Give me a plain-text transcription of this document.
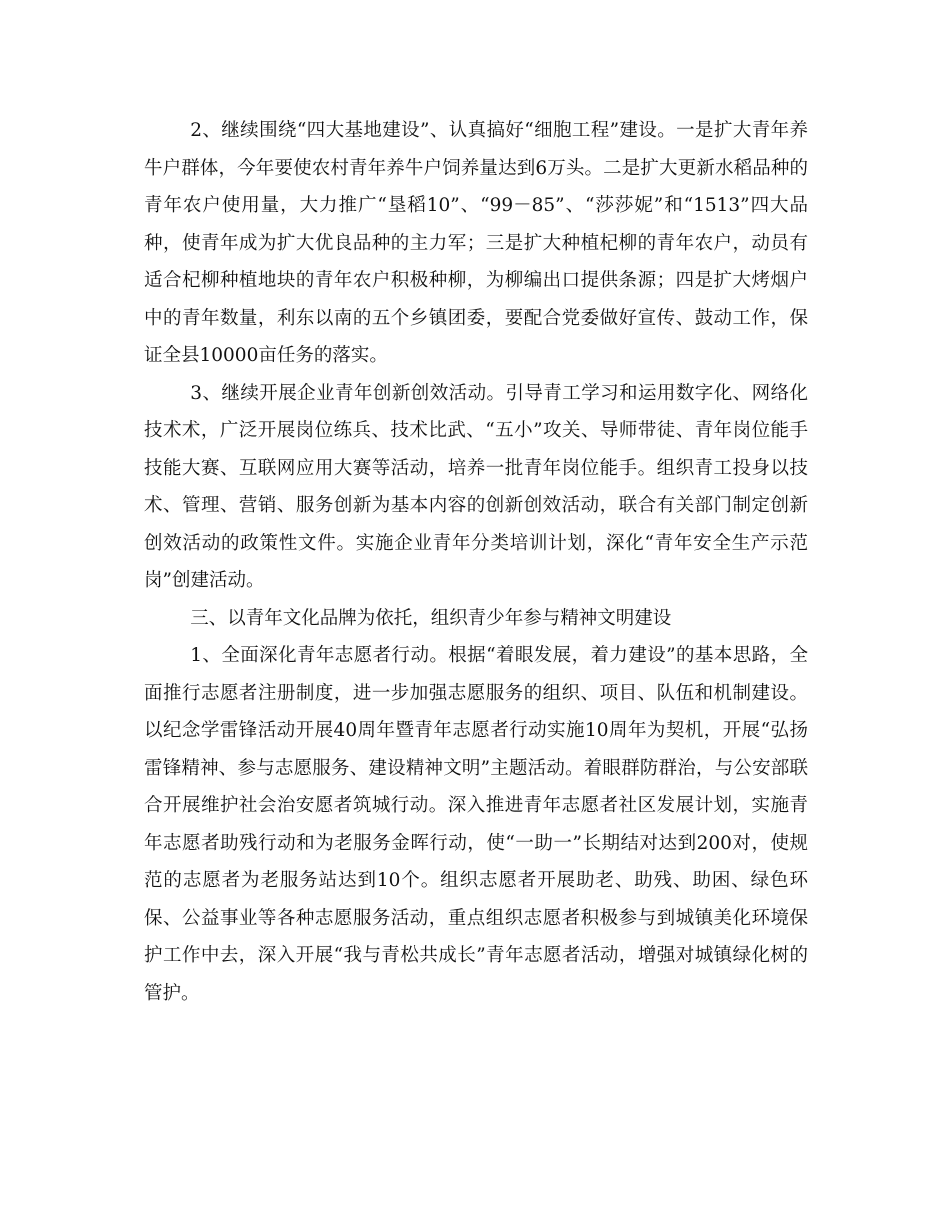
2、继续围绕“四大基地建设”、认真搞好“细胞工程”建设。一是扩大青年养牛户群体，今年要使农村青年养牛户饲养量达到6万头。二是扩大更新水稻品种的青年农户使用量，大力推广“垦稻10”、“99－85”、“莎莎妮”和“1513”四大品种，使青年成为扩大优良品种的主力军；三是扩大种植杞柳的青年农户，动员有适合杞柳种植地块的青年农户积极种柳，为柳编出口提供条源；四是扩大烤烟户中的青年数量，利东以南的五个乡镇团委，要配合党委做好宣传、鼓动工作，保证全县10000亩任务的落实。

3、继续开展企业青年创新创效活动。引导青工学习和运用数字化、网络化技术术，广泛开展岗位练兵、技术比武、“五小”攻关、导师带徒、青年岗位能手技能大赛、互联网应用大赛等活动，培养一批青年岗位能手。组织青工投身以技术、管理、营销、服务创新为基本内容的创新创效活动，联合有关部门制定创新创效活动的政策性文件。实施企业青年分类培训计划，深化“青年安全生产示范岗”创建活动。

三、以青年文化品牌为依托，组织青少年参与精神文明建设

1、全面深化青年志愿者行动。根据“着眼发展，着力建设”的基本思路，全面推行志愿者注册制度，进一步加强志愿服务的组织、项目、队伍和机制建设。以纪念学雷锋活动开展40周年暨青年志愿者行动实施10周年为契机，开展“弘扬雷锋精神、参与志愿服务、建设精神文明”主题活动。着眼群防群治，与公安部联合开展维护社会治安愿者筑城行动。深入推进青年志愿者社区发展计划，实施青年志愿者助残行动和为老服务金晖行动，使“一助一”长期结对达到200对，使规范的志愿者为老服务站达到10个。组织志愿者开展助老、助残、助困、绿色环保、公益事业等各种志愿服务活动，重点组织志愿者积极参与到城镇美化环境保护工作中去，深入开展“我与青松共成长”青年志愿者活动，增强对城镇绿化树的管护。
